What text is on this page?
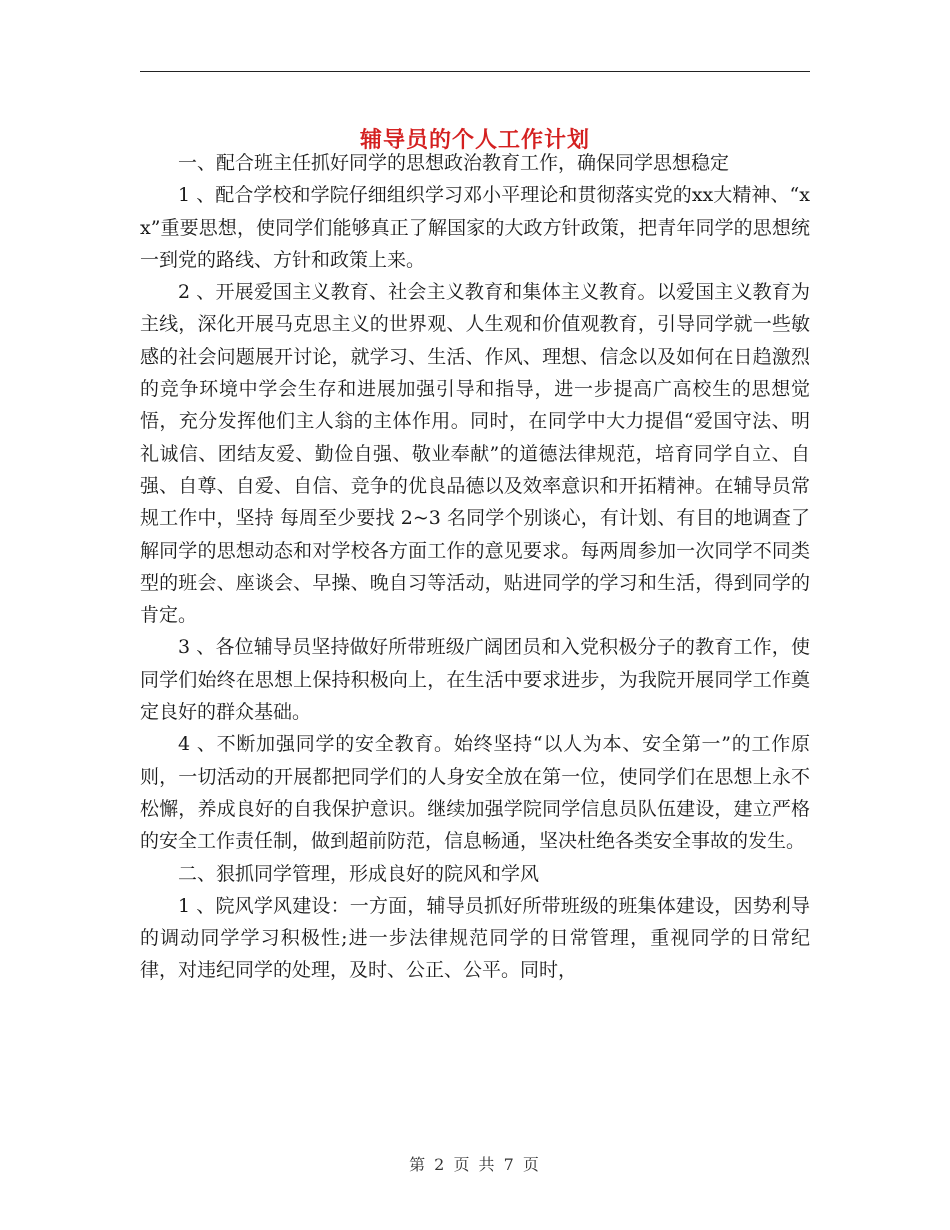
辅导员的个人工作计划

一、配合班主任抓好同学的思想政治教育工作，确保同学思想稳定

1 、配合学校和学院仔细组织学习邓小平理论和贯彻落实党的xx大精神、“xx”重要思想，使同学们能够真正了解国家的大政方针政策，把青年同学的思想统一到党的路线、方针和政策上来。

2 、开展爱国主义教育、社会主义教育和集体主义教育。以爱国主义教育为主线，深化开展马克思主义的世界观、人生观和价值观教育，引导同学就一些敏感的社会问题展开讨论，就学习、生活、作风、理想、信念以及如何在日趋激烈的竞争环境中学会生存和进展加强引导和指导，进一步提高广高校生的思想觉悟，充分发挥他们主人翁的主体作用。同时，在同学中大力提倡“爱国守法、明礼诚信、团结友爱、勤俭自强、敬业奉献”的道德法律规范，培育同学自立、自强、自尊、自爱、自信、竞争的优良品德以及效率意识和开拓精神。在辅导员常规工作中，坚持 每周至少要找 2~3 名同学个别谈心，有计划、有目的地调查了解同学的思想动态和对学校各方面工作的意见要求。每两周参加一次同学不同类型的班会、座谈会、早操、晚自习等活动，贴进同学的学习和生活，得到同学的肯定。

3 、各位辅导员坚持做好所带班级广阔团员和入党积极分子的教育工作，使同学们始终在思想上保持积极向上，在生活中要求进步，为我院开展同学工作奠定良好的群众基础。

4 、不断加强同学的安全教育。始终坚持“以人为本、安全第一”的工作原则，一切活动的开展都把同学们的人身安全放在第一位，使同学们在思想上永不松懈，养成良好的自我保护意识。继续加强学院同学信息员队伍建设，建立严格的安全工作责任制，做到超前防范，信息畅通，坚决杜绝各类安全事故的发生。

二、狠抓同学管理，形成良好的院风和学风

1 、院风学风建设：一方面，辅导员抓好所带班级的班集体建设，因势利导的调动同学学习积极性;进一步法律规范同学的日常管理，重视同学的日常纪律，对违纪同学的处理，及时、公正、公平。同时，

第 2 页 共 7 页
